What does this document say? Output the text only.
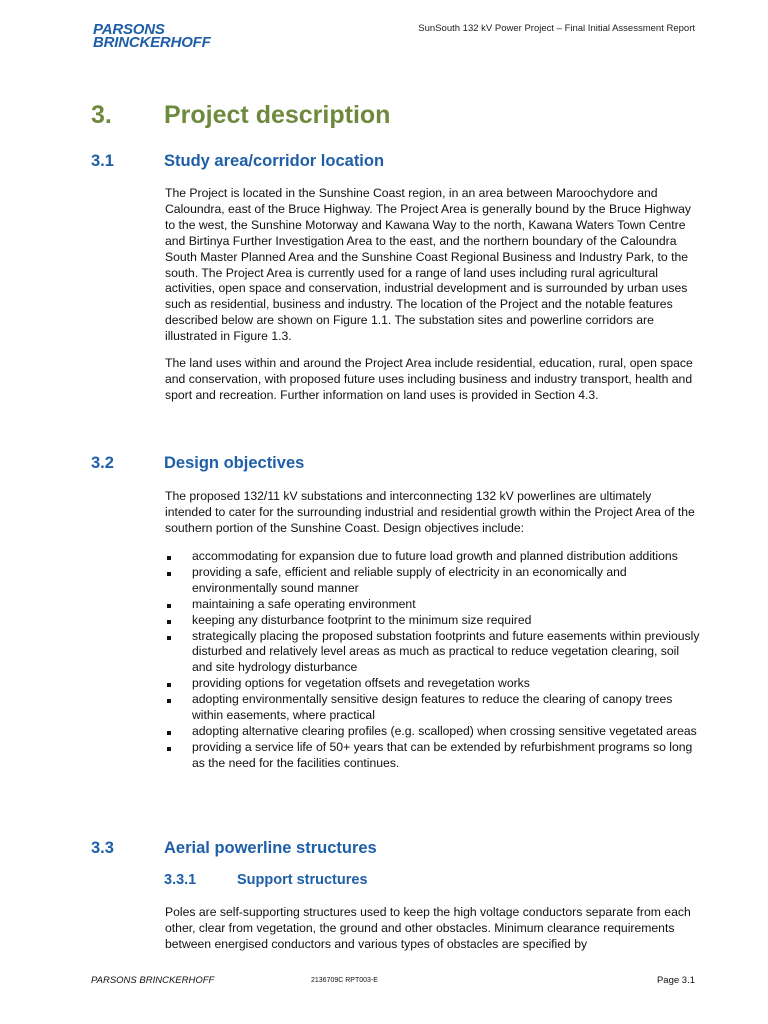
PARSONS
BRINCKERHOFF
SunSouth 132 kV Power Project – Final Initial Assessment Report
3.	Project description
3.1	Study area/corridor location

The Project is located in the Sunshine Coast region, in an area between Maroochydore and Caloundra, east of the Bruce Highway. The Project Area is generally bound by the Bruce Highway to the west, the Sunshine Motorway and Kawana Way to the north, Kawana Waters Town Centre and Birtinya Further Investigation Area to the east, and the northern boundary of the Caloundra South Master Planned Area and the Sunshine Coast Regional Business and Industry Park, to the south. The Project Area is currently used for a range of land uses including rural agricultural activities, open space and conservation, industrial development and is surrounded by urban uses such as residential, business and industry. The location of the Project and the notable features described below are shown on Figure 1.1. The substation sites and powerline corridors are illustrated in Figure 1.3.

The land uses within and around the Project Area include residential, education, rural, open space and conservation, with proposed future uses including business and industry transport, health and sport and recreation. Further information on land uses is provided in Section 4.3.

3.2	Design objectives

The proposed 132/11 kV substations and interconnecting 132 kV powerlines are ultimately intended to cater for the surrounding industrial and residential growth within the Project Area of the southern portion of the Sunshine Coast. Design objectives include:

accommodating for expansion due to future load growth and planned distribution additions
providing a safe, efficient and reliable supply of electricity in an economically and environmentally sound manner
maintaining a safe operating environment
keeping any disturbance footprint to the minimum size required
strategically placing the proposed substation footprints and future easements within previously disturbed and relatively level areas as much as practical to reduce vegetation clearing, soil and site hydrology disturbance
providing options for vegetation offsets and revegetation works
adopting environmentally sensitive design features to reduce the clearing of canopy trees within easements, where practical
adopting alternative clearing profiles (e.g. scalloped) when crossing sensitive vegetated areas
providing a service life of 50+ years that can be extended by refurbishment programs so long as the need for the facilities continues.
3.3	Aerial powerline structures
3.3.1	Support structures

Poles are self-supporting structures used to keep the high voltage conductors separate from each other, clear from vegetation, the ground and other obstacles. Minimum clearance requirements between energised conductors and various types of obstacles are specified by

PARSONS BRINCKERHOFF	2136709C RPT003-E	Page 3.1
